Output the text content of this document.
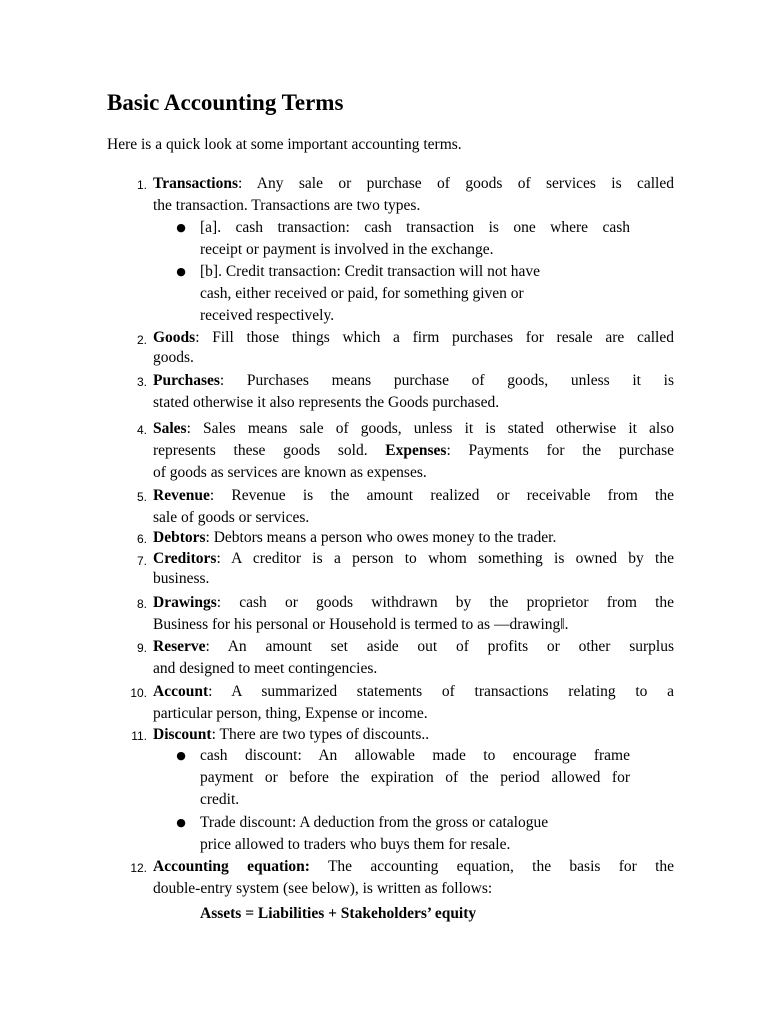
Basic Accounting Terms
Here is a quick look at some important accounting terms.
1. Transactions: Any sale or purchase of goods of services is called
the transaction. Transactions are two types.
● [a]. cash transaction: cash transaction is one where cash
receipt or payment is involved in the exchange.
● [b]. Credit transaction: Credit transaction will not have
cash, either received or paid, for something given or
received respectively.
2. Goods: Fill those things which a firm purchases for resale are called
goods.
3. Purchases: Purchases means purchase of goods, unless it is
stated otherwise it also represents the Goods purchased.
4. Sales: Sales means sale of goods, unless it is stated otherwise it also
represents these goods sold. Expenses: Payments for the purchase
of goods as services are known as expenses.
5. Revenue: Revenue is the amount realized or receivable from the
sale of goods or services.
6. Debtors: Debtors means a person who owes money to the trader.
7. Creditors: A creditor is a person to whom something is owned by the
business.
8. Drawings: cash or goods withdrawn by the proprietor from the
Business for his personal or Household is termed to as ―drawing‖.
9. Reserve: An amount set aside out of profits or other surplus
and designed to meet contingencies.
10. Account: A summarized statements of transactions relating to a
particular person, thing, Expense or income.
11. Discount: There are two types of discounts..
● cash discount: An allowable made to encourage frame
payment or before the expiration of the period allowed for
credit.
● Trade discount: A deduction from the gross or catalogue
price allowed to traders who buys them for resale.
12. Accounting equation: The accounting equation, the basis for the
double-entry system (see below), is written as follows:
Assets = Liabilities + Stakeholders’ equity
